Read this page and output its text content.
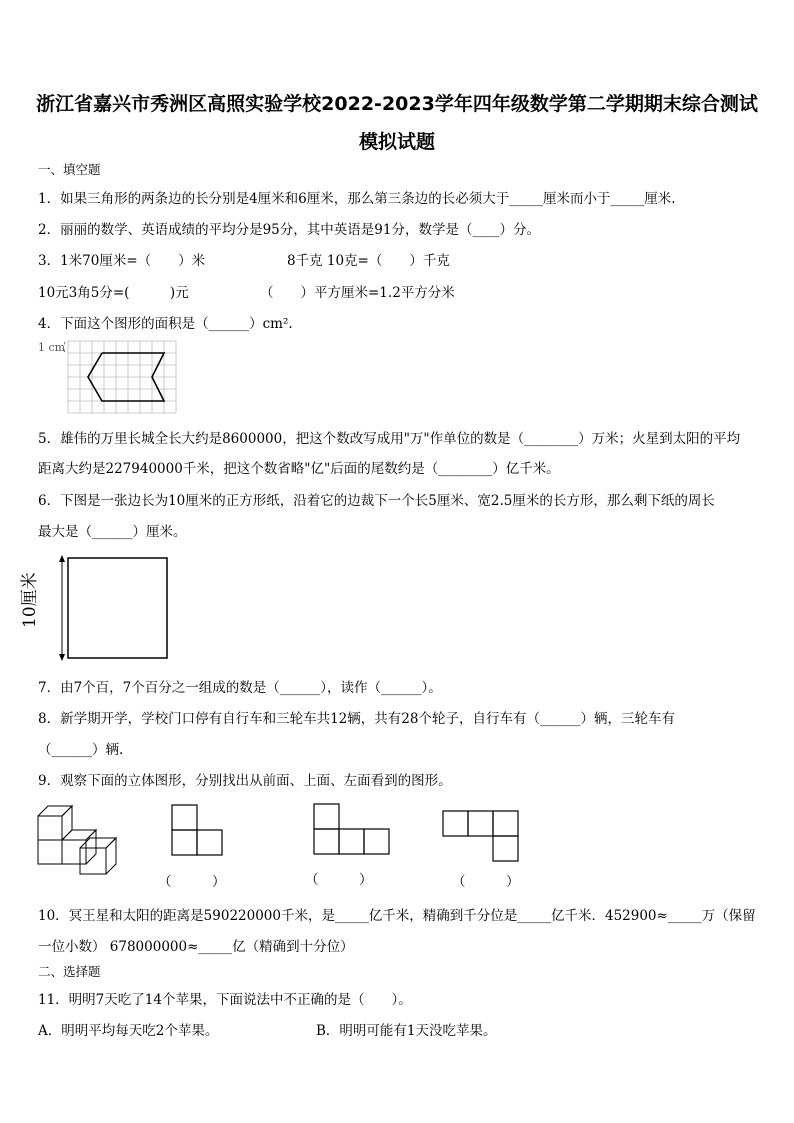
浙江省嘉兴市秀洲区高照实验学校2022-2023学年四年级数学第二学期期末综合测试
模拟试题
一、填空题
1．如果三角形的两条边的长分别是4厘米和6厘米，那么第三条边的长必须大于_____厘米而小于_____厘米.
2．丽丽的数学、英语成绩的平均分是95分，其中英语是91分，数学是（____）分。
3．1米70厘米=（　　）米	8千克 10克=（　　）千克
10元3角5分=(　　　)元	（　　）平方厘米=1.2平方分米
4．下面这个图形的面积是（______）cm².
1 cm
5．雄伟的万里长城全长大约是8600000，把这个数改写成用"万"作单位的数是（________）万米；火星到太阳的平均
距离大约是227940000千米，把这个数省略"亿"后面的尾数约是（________）亿千米。
6．下图是一张边长为10厘米的正方形纸，沿着它的边裁下一个长5厘米、宽2.5厘米的长方形，那么剩下纸的周长
最大是（______）厘米。
10厘米
7．由7个百，7个百分之一组成的数是（______），读作（______）。
8．新学期开学，学校门口停有自行车和三轮车共12辆，共有28个轮子，自行车有（______）辆，三轮车有
（______）辆.
9．观察下面的立体图形，分别找出从前面、上面、左面看到的图形。
（　　　）	（　　　）	（　　　）
10．冥王星和太阳的距离是590220000千米，是_____亿千米，精确到千分位是_____亿千米．452900≈_____万（保留
一位小数） 678000000≈_____亿（精确到十分位）
二、选择题
11．明明7天吃了14个苹果，下面说法中不正确的是（　　）。
A．明明平均每天吃2个苹果。	B．明明可能有1天没吃苹果。
